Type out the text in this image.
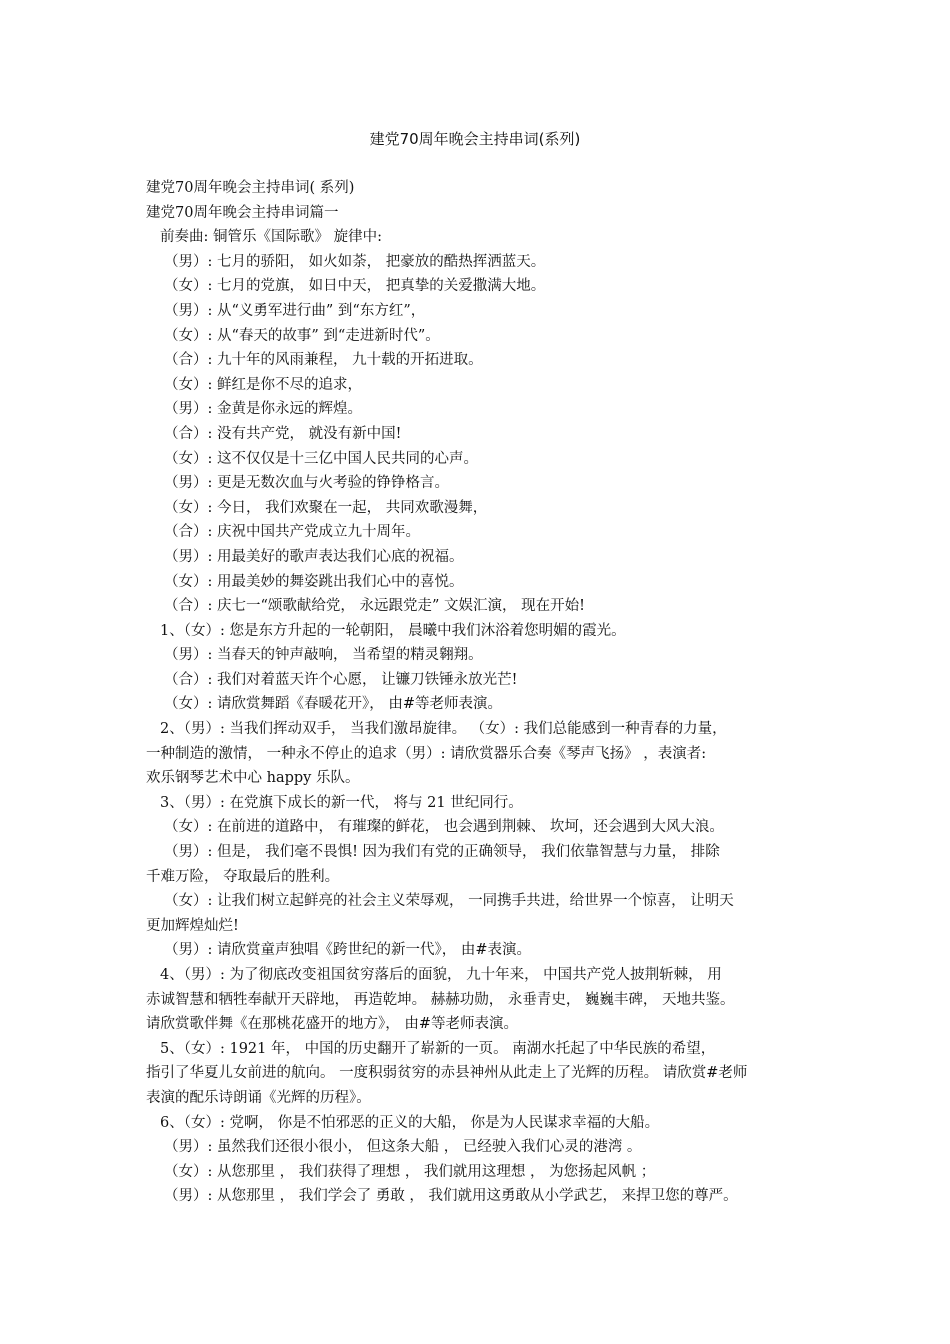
建党70周年晚会主持串词(系列)
建党70周年晚会主持串词( 系列)
建党70周年晚会主持串词篇一
前奏曲: 铜管乐《国际歌》 旋律中:
（男）: 七月的骄阳， 如火如荼， 把豪放的酷热挥洒蓝天。
（女）: 七月的党旗， 如日中天， 把真挚的关爱撒满大地。
（男）: 从“义勇军进行曲” 到“东方红”，
（女）: 从“春天的故事” 到“走进新时代”。
（合）: 九十年的风雨兼程， 九十载的开拓进取。
（女）: 鲜红是你不尽的追求，
（男）: 金黄是你永远的辉煌。
（合）: 没有共产党， 就没有新中国!
（女）: 这不仅仅是十三亿中国人民共同的心声。
（男）: 更是无数次血与火考验的铮铮格言。
（女）: 今日， 我们欢聚在一起， 共同欢歌漫舞，
（合）: 庆祝中国共产党成立九十周年。
（男）: 用最美好的歌声表达我们心底的祝福。
（女）: 用最美妙的舞姿跳出我们心中的喜悦。
（合）: 庆七一“颂歌献给党， 永远跟党走” 文娱汇演， 现在开始!
1、（女）: 您是东方升起的一轮朝阳， 晨曦中我们沐浴着您明媚的霞光。
（男）: 当春天的钟声敲响， 当希望的精灵翱翔。
（合）: 我们对着蓝天许个心愿， 让镰刀铁锤永放光芒!
（女）: 请欣赏舞蹈《春暖花开》， 由#等老师表演。
2、（男）: 当我们挥动双手， 当我们激昂旋律。 （女）: 我们总能感到一种青春的力量，
一种制造的激情， 一种永不停止的追求（男）: 请欣赏器乐合奏《琴声飞扬》 ，表演者:
欢乐钢琴艺术中心 happy 乐队。
3、（男）: 在党旗下成长的新一代， 将与 21 世纪同行。
（女）: 在前进的道路中， 有璀璨的鲜花， 也会遇到荆棘、 坎坷，还会遇到大风大浪。
（男）: 但是， 我们毫不畏惧! 因为我们有党的正确领导， 我们依靠智慧与力量， 排除
千难万险， 夺取最后的胜利。
（女）: 让我们树立起鲜亮的社会主义荣辱观， 一同携手共进，给世界一个惊喜， 让明天
更加辉煌灿烂!
（男）: 请欣赏童声独唱《跨世纪的新一代》， 由#表演。
4、（男）: 为了彻底改变祖国贫穷落后的面貌， 九十年来， 中国共产党人披荆斩棘， 用
赤诚智慧和牺牲奉献开天辟地， 再造乾坤。 赫赫功勋， 永垂青史， 巍巍丰碑， 天地共鉴。
请欣赏歌伴舞《在那桃花盛开的地方》， 由#等老师表演。
5、（女）: 1921 年， 中国的历史翻开了崭新的一页。 南湖水托起了中华民族的希望，
指引了华夏儿女前进的航向。 一度积弱贫穷的赤县神州从此走上了光辉的历程。 请欣赏#老师
表演的配乐诗朗诵《光辉的历程》。
6、（女）: 党啊， 你是不怕邪恶的正义的大船， 你是为人民谋求幸福的大船。
（男）: 虽然我们还很小很小， 但这条大船 ， 已经驶入我们心灵的港湾 。
（女）: 从您那里 ， 我们获得了理想 ， 我们就用这理想 ， 为您扬起风帆 ；
（男）: 从您那里 ， 我们学会了 勇敢 ， 我们就用这勇敢从小学武艺， 来捍卫您的尊严。
